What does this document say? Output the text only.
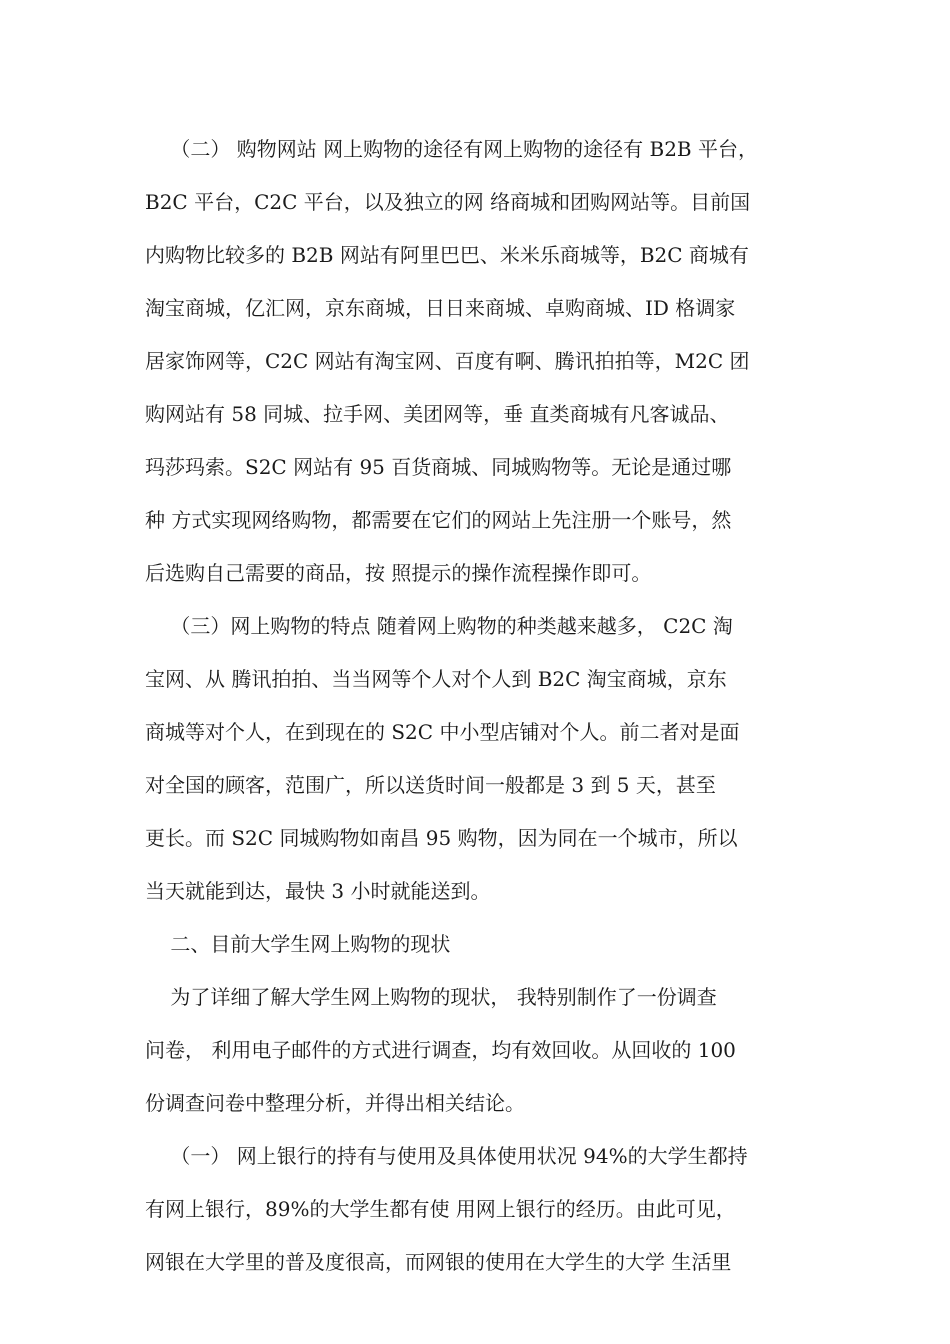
（二） 购物网站 网上购物的途径有网上购物的途径有 B2B 平台，
B2C 平台，C2C 平台，以及独立的网 络商城和团购网站等。目前国
内购物比较多的 B2B 网站有阿里巴巴、米米乐商城等，B2C 商城有
淘宝商城，亿汇网，京东商城，日日来商城、卓购商城、ID 格调家
居家饰网等，C2C 网站有淘宝网、百度有啊、腾讯拍拍等，M2C 团
购网站有 58 同城、拉手网、美团网等，垂 直类商城有凡客诚品、
玛莎玛索。S2C 网站有 95 百货商城、同城购物等。无论是通过哪
种 方式实现网络购物，都需要在它们的网站上先注册一个账号，然
后选购自己需要的商品，按 照提示的操作流程操作即可。
（三）网上购物的特点 随着网上购物的种类越来越多， C2C 淘
宝网、从 腾讯拍拍、当当网等个人对个人到 B2C 淘宝商城，京东
商城等对个人，在到现在的 S2C 中小型店铺对个人。前二者对是面
对全国的顾客，范围广，所以送货时间一般都是 3 到 5 天，甚至
更长。而 S2C 同城购物如南昌 95 购物，因为同在一个城市，所以
当天就能到达，最快 3 小时就能送到。
二、目前大学生网上购物的现状
为了详细了解大学生网上购物的现状， 我特别制作了一份调查
问卷， 利用电子邮件的方式进行调查，均有效回收。从回收的 100
份调查问卷中整理分析，并得出相关结论。
（一） 网上银行的持有与使用及具体使用状况 94%的大学生都持
有网上银行，89%的大学生都有使 用网上银行的经历。由此可见，
网银在大学里的普及度很高，而网银的使用在大学生的大学 生活里
